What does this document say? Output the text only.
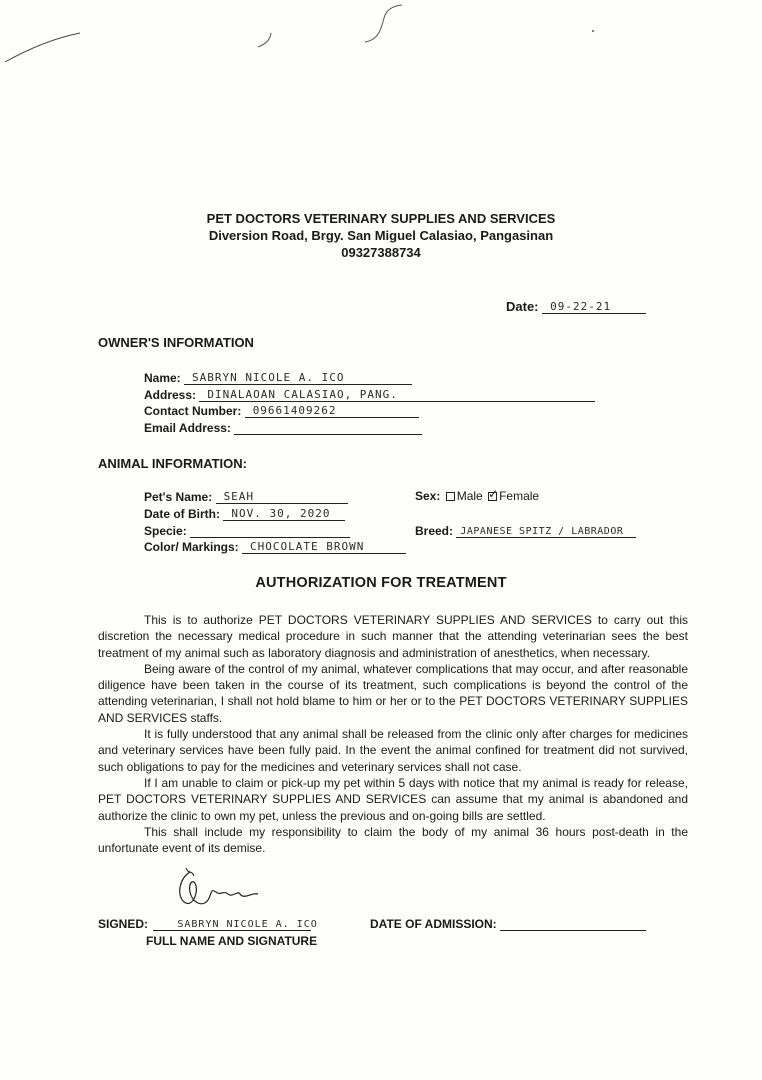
PET DOCTORS VETERINARY SUPPLIES AND SERVICES
Diversion Road, Brgy. San Miguel Calasiao, Pangasinan
09327388734
Date: 09-22-21
OWNER'S INFORMATION
Name: SABRYN NICOLE A. ICO
Address: DINALAOAN CALASIAO, PANG.
Contact Number: 09661409262
Email Address:
ANIMAL INFORMATION:
Pet's Name: SEAH
Date of Birth: NOV. 30, 2020
Specie:
Color/ Markings: CHOCOLATE BROWN
Sex: Male ✓ Female
Breed: JAPANESE SPITZ / LABRADOR
AUTHORIZATION FOR TREATMENT

This is to authorize PET DOCTORS VETERINARY SUPPLIES AND SERVICES to carry out this discretion the necessary medical procedure in such manner that the attending veterinarian sees the best treatment of my animal such as laboratory diagnosis and administration of anesthetics, when necessary.

Being aware of the control of my animal, whatever complications that may occur, and after reasonable diligence have been taken in the course of its treatment, such complications is beyond the control of the attending veterinarian, I shall not hold blame to him or her or to the PET DOCTORS VETERINARY SUPPLIES AND SERVICES staffs.

It is fully understood that any animal shall be released from the clinic only after charges for medicines and veterinary services have been fully paid. In the event the animal confined for treatment did not survived, such obligations to pay for the medicines and veterinary services shall not case.

If I am unable to claim or pick-up my pet within 5 days with notice that my animal is ready for release, PET DOCTORS VETERINARY SUPPLIES AND SERVICES can assume that my animal is abandoned and authorize the clinic to own my pet, unless the previous and on-going bills are settled.

This shall include my responsibility to claim the body of my animal 36 hours post-death in the unfortunate event of its demise.

SIGNED:	SABRYN NICOLE A. ICO
FULL NAME AND SIGNATURE
DATE OF ADMISSION:
